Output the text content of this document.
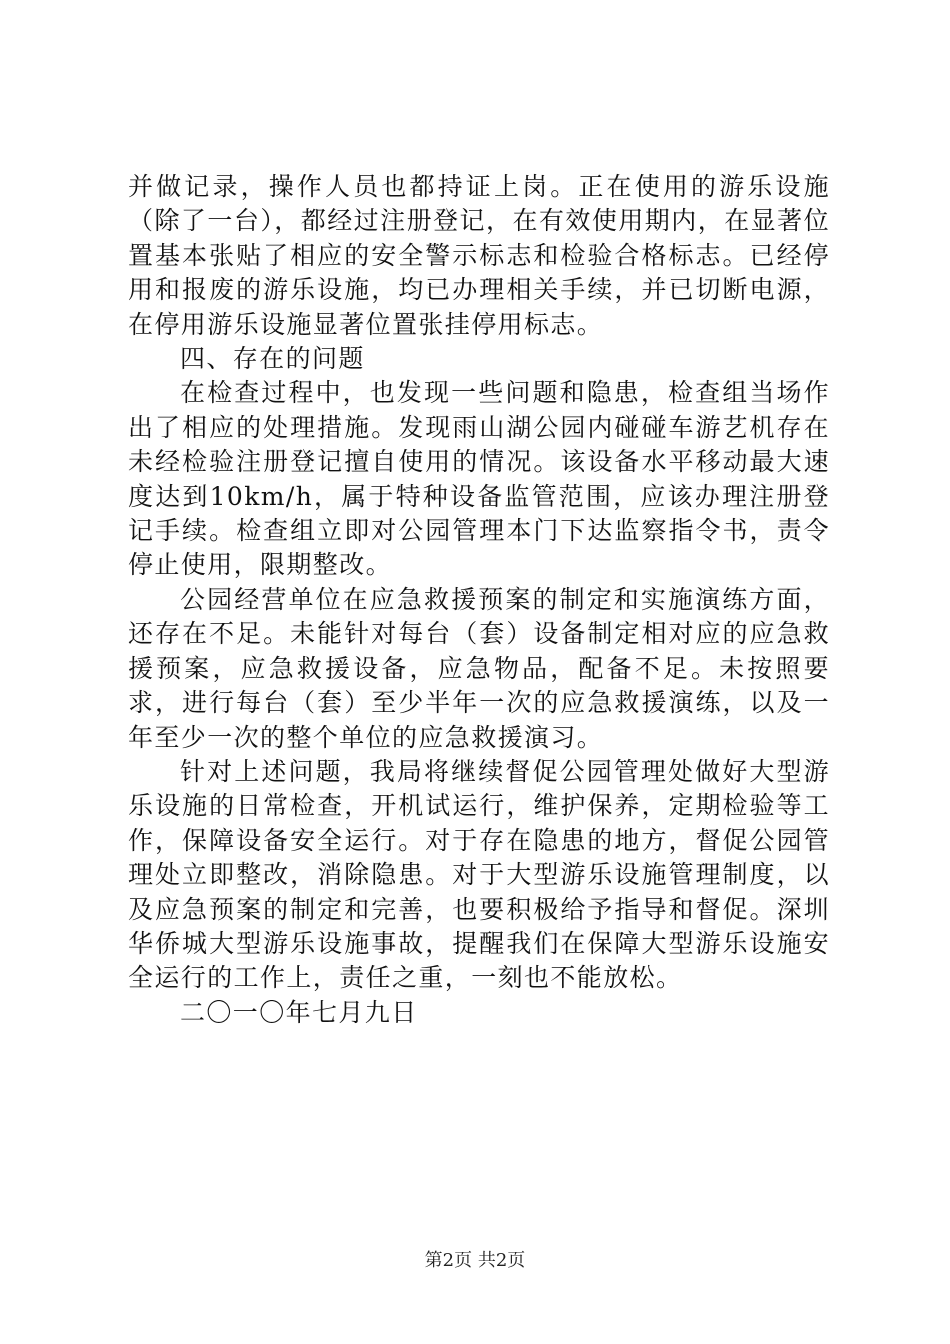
并做记录，操作人员也都持证上岗。正在使用的游乐设施（除了一台），都经过注册登记，在有效使用期内，在显著位置基本张贴了相应的安全警示标志和检验合格标志。已经停用和报废的游乐设施，均已办理相关手续，并已切断电源，在停用游乐设施显著位置张挂停用标志。

四、存在的问题

在检查过程中，也发现一些问题和隐患，检查组当场作出了相应的处理措施。发现雨山湖公园内碰碰车游艺机存在未经检验注册登记擅自使用的情况。该设备水平移动最大速度达到10km/h，属于特种设备监管范围，应该办理注册登记手续。检查组立即对公园管理本门下达监察指令书，责令停止使用，限期整改。

公园经营单位在应急救援预案的制定和实施演练方面，还存在不足。未能针对每台（套）设备制定相对应的应急救援预案，应急救援设备，应急物品，配备不足。未按照要求，进行每台（套）至少半年一次的应急救援演练，以及一年至少一次的整个单位的应急救援演习。

针对上述问题，我局将继续督促公园管理处做好大型游乐设施的日常检查，开机试运行，维护保养，定期检验等工作，保障设备安全运行。对于存在隐患的地方，督促公园管理处立即整改，消除隐患。对于大型游乐设施管理制度，以及应急预案的制定和完善，也要积极给予指导和督促。深圳华侨城大型游乐设施事故，提醒我们在保障大型游乐设施安全运行的工作上，责任之重，一刻也不能放松。

二〇一〇年七月九日

第2页 共2页
